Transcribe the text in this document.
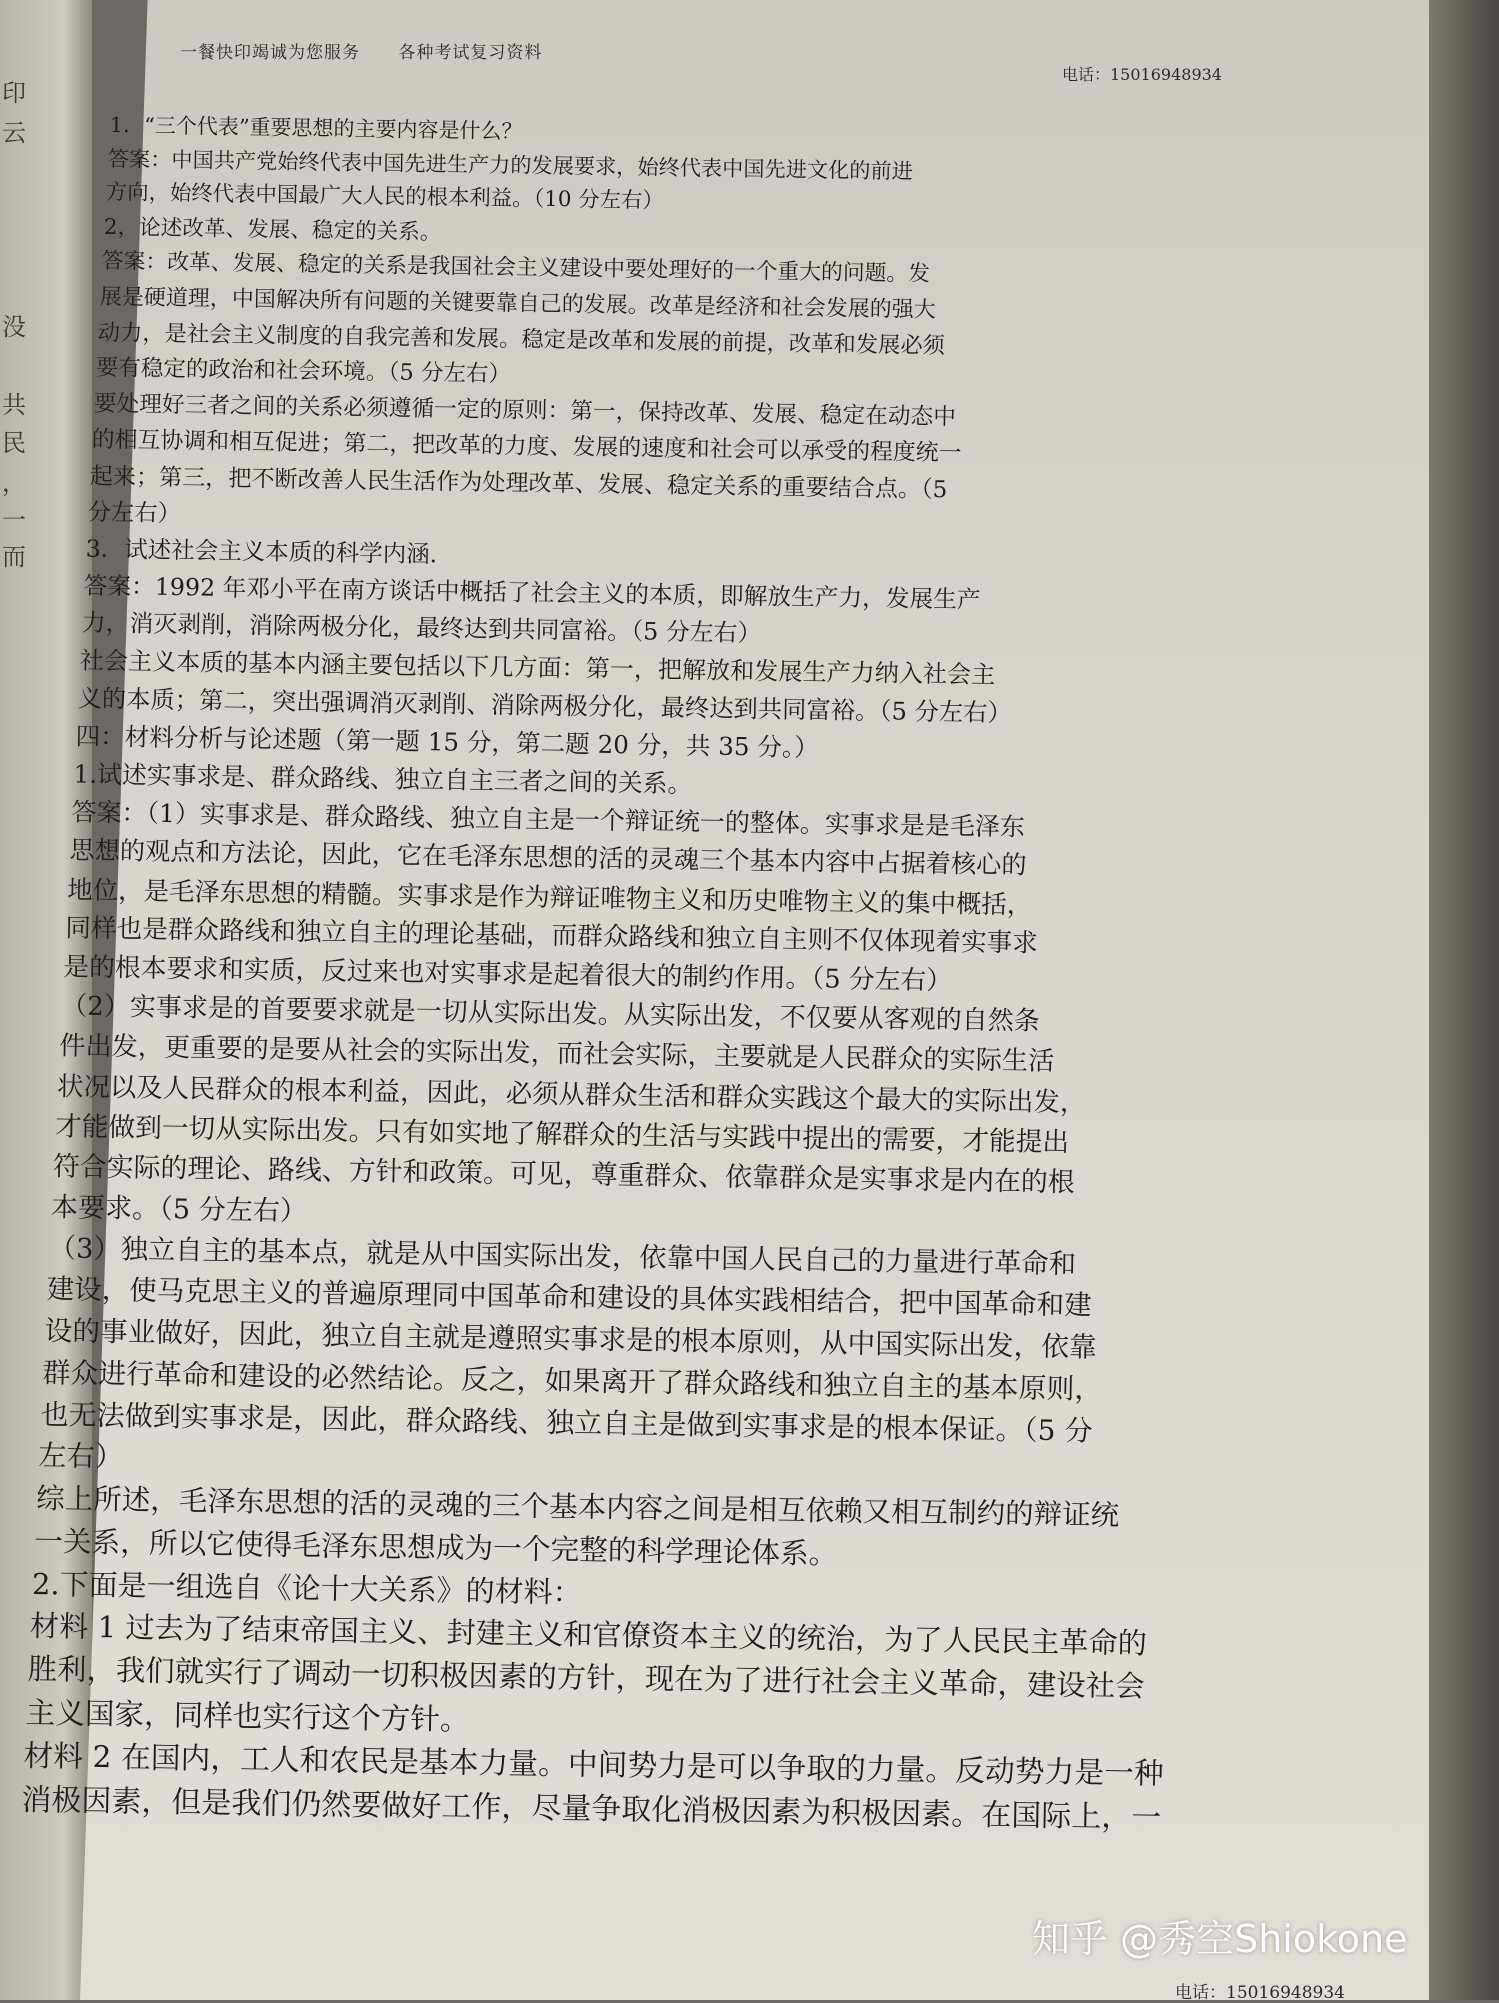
印
云
没
共
民
，
一
而
一餐快印竭诚为您服务 各种考试复习资料
电话：15016948934
1．“三个代表”重要思想的主要内容是什么？
答案：中国共产党始终代表中国先进生产力的发展要求，始终代表中国先进文化的前进
方向，始终代表中国最广大人民的根本利益。（10 分左右）
2，论述改革、发展、稳定的关系。
答案：改革、发展、稳定的关系是我国社会主义建设中要处理好的一个重大的问题。发
展是硬道理，中国解决所有问题的关键要靠自己的发展。改革是经济和社会发展的强大
动力，是社会主义制度的自我完善和发展。稳定是改革和发展的前提，改革和发展必须
要有稳定的政治和社会环境。（5 分左右）
要处理好三者之间的关系必须遵循一定的原则：第一，保持改革、发展、稳定在动态中
的相互协调和相互促进；第二，把改革的力度、发展的速度和社会可以承受的程度统一
起来；第三，把不断改善人民生活作为处理改革、发展、稳定关系的重要结合点。（5
分左右）
3．试述社会主义本质的科学内涵.
答案：1992 年邓小平在南方谈话中概括了社会主义的本质，即解放生产力，发展生产
力，消灭剥削，消除两极分化，最终达到共同富裕。（5 分左右）
社会主义本质的基本内涵主要包括以下几方面：第一，把解放和发展生产力纳入社会主
义的本质；第二，突出强调消灭剥削、消除两极分化，最终达到共同富裕。（5 分左右）
四：材料分析与论述题（第一题 15 分，第二题 20 分，共 35 分。）
1.试述实事求是、群众路线、独立自主三者之间的关系。
答案：（1）实事求是、群众路线、独立自主是一个辩证统一的整体。实事求是是毛泽东
思想的观点和方法论，因此，它在毛泽东思想的活的灵魂三个基本内容中占据着核心的
地位，是毛泽东思想的精髓。实事求是作为辩证唯物主义和历史唯物主义的集中概括，
同样也是群众路线和独立自主的理论基础，而群众路线和独立自主则不仅体现着实事求
是的根本要求和实质，反过来也对实事求是起着很大的制约作用。（5 分左右）
（2）实事求是的首要要求就是一切从实际出发。从实际出发，不仅要从客观的自然条
件出发，更重要的是要从社会的实际出发，而社会实际，主要就是人民群众的实际生活
状况以及人民群众的根本利益，因此，必须从群众生活和群众实践这个最大的实际出发，
才能做到一切从实际出发。只有如实地了解群众的生活与实践中提出的需要，才能提出
符合实际的理论、路线、方针和政策。可见，尊重群众、依靠群众是实事求是内在的根
本要求。（5 分左右）
（3）独立自主的基本点，就是从中国实际出发，依靠中国人民自己的力量进行革命和
建设，使马克思主义的普遍原理同中国革命和建设的具体实践相结合，把中国革命和建
设的事业做好，因此，独立自主就是遵照实事求是的根本原则，从中国实际出发，依靠
群众进行革命和建设的必然结论。反之，如果离开了群众路线和独立自主的基本原则，
也无法做到实事求是，因此，群众路线、独立自主是做到实事求是的根本保证。（5 分
左右）
综上所述，毛泽东思想的活的灵魂的三个基本内容之间是相互依赖又相互制约的辩证统
一关系，所以它使得毛泽东思想成为一个完整的科学理论体系。
2.下面是一组选自《论十大关系》的材料：
材料 1 过去为了结束帝国主义、封建主义和官僚资本主义的统治，为了人民民主革命的
胜利，我们就实行了调动一切积极因素的方针，现在为了进行社会主义革命，建设社会
主义国家，同样也实行这个方针。
材料 2 在国内，工人和农民是基本力量。中间势力是可以争取的力量。反动势力是一种
消极因素，但是我们仍然要做好工作，尽量争取化消极因素为积极因素。在国际上，一
电话：15016948934
知乎 @秀空Shiokone
